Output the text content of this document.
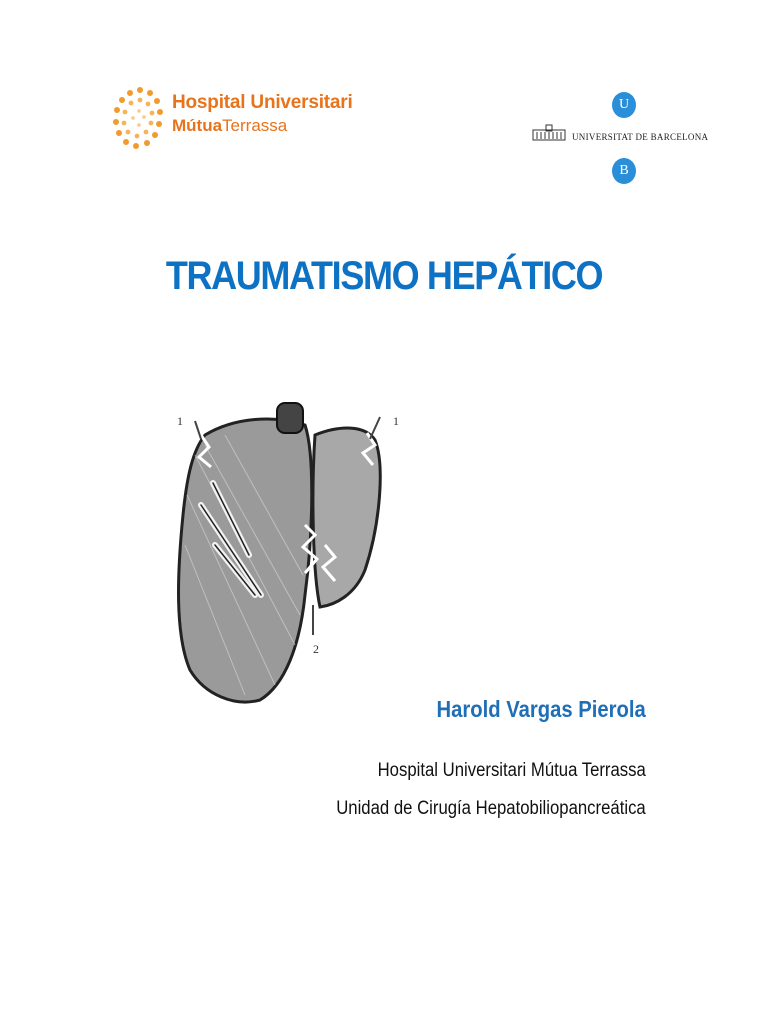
Hospital Universitari
MútuaTerrassa
U
UNIVERSITAT DE BARCELONA
B
TRAUMATISMO HEPÁTICO
1	1
2
Harold Vargas Pierola
Hospital Universitari Mútua Terrassa
Unidad de Cirugía Hepatobiliopancreática
